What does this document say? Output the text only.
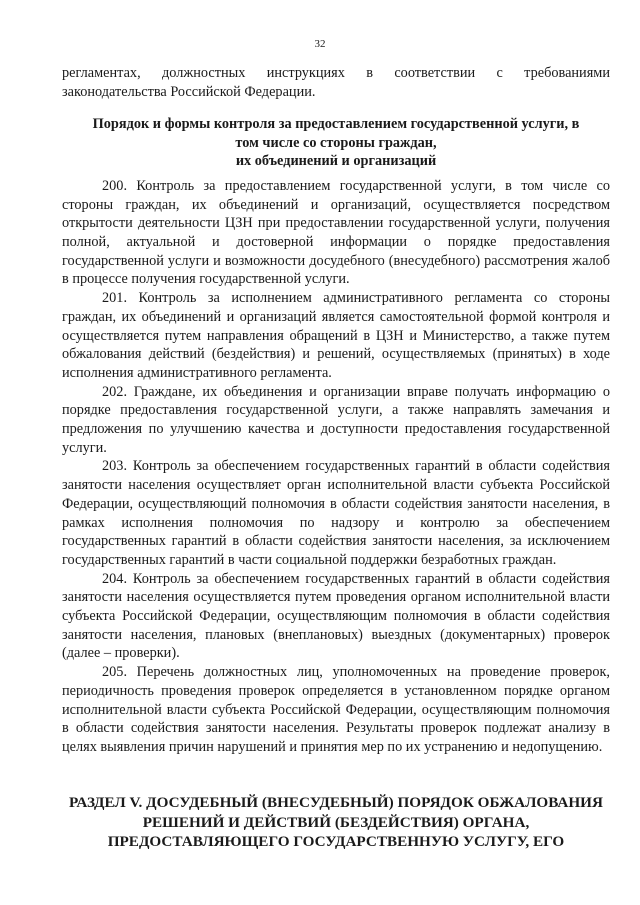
32

регламентах, должностных инструкциях в соответствии с требованиями законодательства Российской Федерации.

Порядок и формы контроля за предоставлением государственной услуги, в
том числе со стороны граждан,
их объединений и организаций

200. Контроль за предоставлением государственной услуги, в том числе со стороны граждан, их объединений и организаций, осуществляется посредством открытости деятельности ЦЗН при предоставлении государственной услуги, получения полной, актуальной и достоверной информации о порядке предоставления государственной услуги и возможности досудебного (внесудебного) рассмотрения жалоб в процессе получения государственной услуги.

201. Контроль за исполнением административного регламента со стороны граждан, их объединений и организаций является самостоятельной формой контроля и осуществляется путем направления обращений в ЦЗН и Министерство, а также путем обжалования действий (бездействия) и решений, осуществляемых (принятых) в ходе исполнения административного регламента.

202. Граждане, их объединения и организации вправе получать информацию о порядке предоставления государственной услуги, а также направлять замечания и предложения по улучшению качества и доступности предоставления государственной услуги.

203. Контроль за обеспечением государственных гарантий в области содействия занятости населения осуществляет орган исполнительной власти субъекта Российской Федерации, осуществляющий полномочия в области содействия занятости населения, в рамках исполнения полномочия по надзору и контролю за обеспечением государственных гарантий в области содействия занятости населения, за исключением государственных гарантий в части социальной поддержки безработных граждан.

204. Контроль за обеспечением государственных гарантий в области содействия занятости населения осуществляется путем проведения органом исполнительной власти субъекта Российской Федерации, осуществляющим полномочия в области содействия занятости населения, плановых (внеплановых) выездных (документарных) проверок (далее – проверки).

205. Перечень должностных лиц, уполномоченных на проведение проверок, периодичность проведения проверок определяется в установленном порядке органом исполнительной власти субъекта Российской Федерации, осуществляющим полномочия в области содействия занятости населения. Результаты проверок подлежат анализу в целях выявления причин нарушений и принятия мер по их устранению и недопущению.

РАЗДЕЛ V. ДОСУДЕБНЫЙ (ВНЕСУДЕБНЫЙ) ПОРЯДОК ОБЖАЛОВАНИЯ
РЕШЕНИЙ И ДЕЙСТВИЙ (БЕЗДЕЙСТВИЯ) ОРГАНА,
ПРЕДОСТАВЛЯЮЩЕГО ГОСУДАРСТВЕННУЮ УСЛУГУ, ЕГО
